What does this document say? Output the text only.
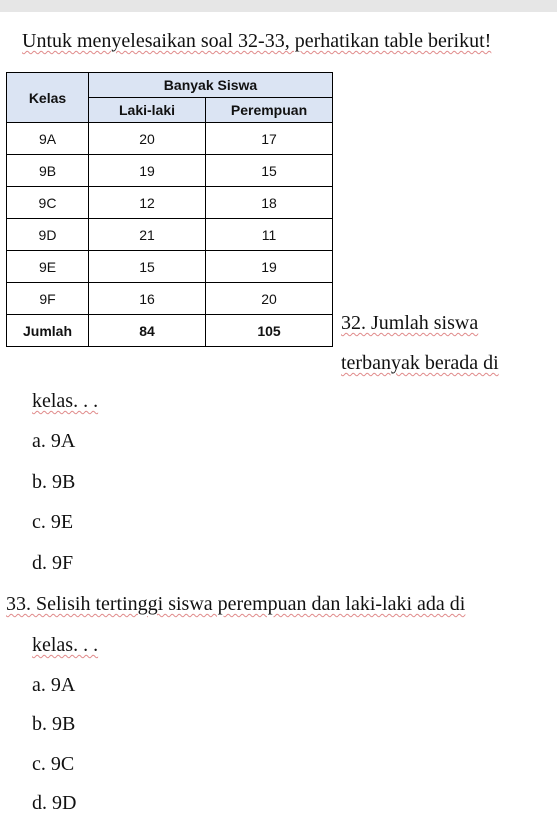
Untuk menyelesaikan soal 32-33, perhatikan table berikut!
Kelas	Banyak Siswa	
	Laki-laki	Perempuan
9A	20	17
9B	19	15
9C	12	18
9D	21	11
9E	15	19
9F	16	20
Jumlah	84	105	32. Jumlah siswa
terbanyak berada di
kelas. . .
a. 9A
b. 9B
c. 9E
d. 9F
33. Selisih tertinggi siswa perempuan dan laki-laki ada di
kelas. . .
a. 9A
b. 9B
c. 9C
d. 9D
